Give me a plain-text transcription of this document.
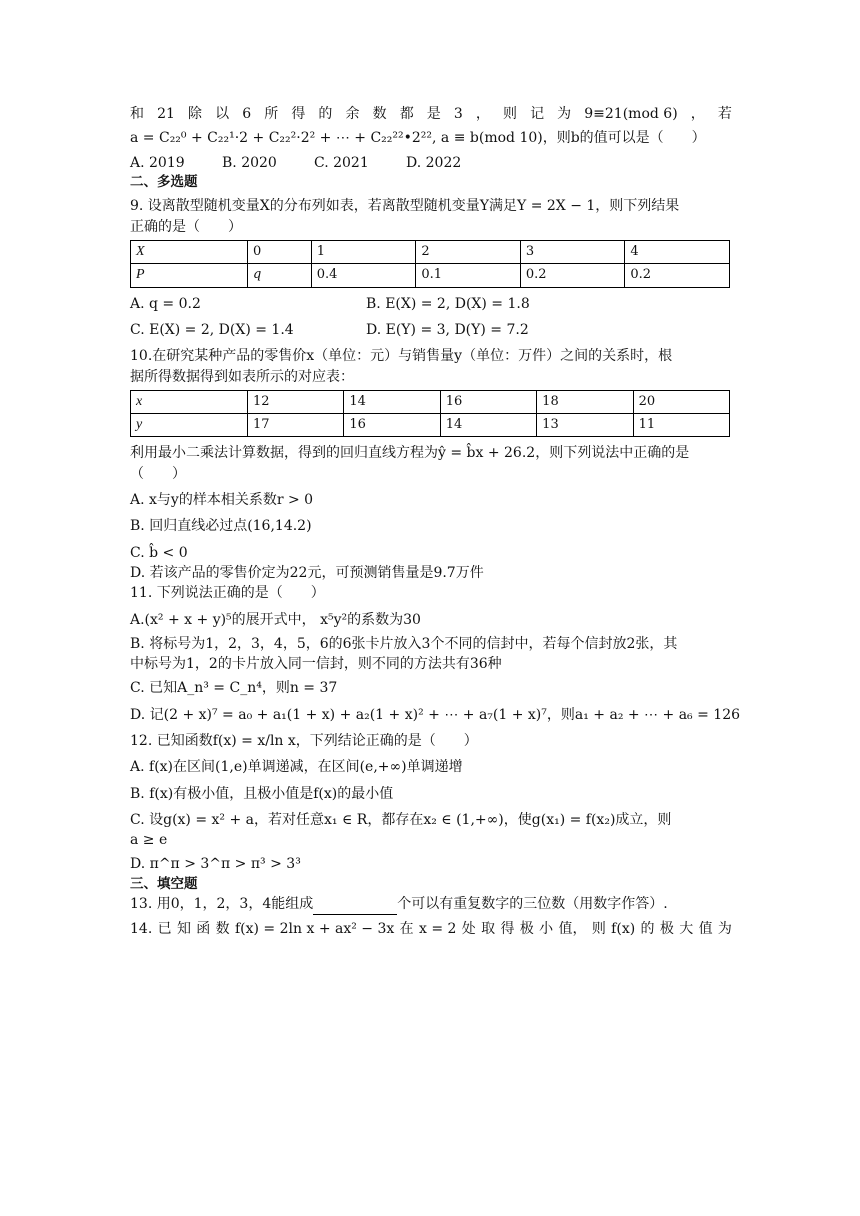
和 21 除 以 6 所 得 的 余 数 都 是 3 ， 则 记 为 9≡21(mod 6) ， 若

a = C₂₂⁰ + C₂₂¹·2 + C₂₂²·2² + ⋯ + C₂₂²²•2²², a ≡ b(mod 10)，则b的值可以是（　　）

A. 2019	B. 2020	C. 2021	D. 2022

二、多选题

9. 设离散型随机变量X的分布列如表，若离散型随机变量Y满足Y = 2X − 1，则下列结果

正确的是（　　）

X	0	1	2	3	4
P	q	0.4	0.1	0.2	0.2
A. q = 0.2	B. E(X) = 2, D(X) = 1.8
C. E(X) = 2, D(X) = 1.4	D. E(Y) = 3, D(Y) = 7.2

10.在研究某种产品的零售价x（单位：元）与销售量y（单位：万件）之间的关系时，根

据所得数据得到如表所示的对应表：

x	12	14	16	18	20
y	17	16	14	13	11

利用最小二乘法计算数据，得到的回归直线方程为ŷ = b̂x + 26.2，则下列说法中正确的是

（　　）

A. x与y的样本相关系数r > 0

B. 回归直线必过点(16,14.2)

C. b̂ < 0

D. 若该产品的零售价定为22元，可预测销售量是9.7万件

11. 下列说法正确的是（　　）

A.(x² + x + y)⁵的展开式中， x⁵y²的系数为30

B. 将标号为1，2，3，4，5，6的6张卡片放入3个不同的信封中，若每个信封放2张，其

中标号为1，2的卡片放入同一信封，则不同的方法共有36种

C. 已知A_n³ = C_n⁴，则n = 37

D. 记(2 + x)⁷ = a₀ + a₁(1 + x) + a₂(1 + x)² + ⋯ + a₇(1 + x)⁷，则a₁ + a₂ + ⋯ + a₆ = 126

12. 已知函数f(x) = x/ln x，下列结论正确的是（　　）

A. f(x)在区间(1,e)单调递减，在区间(e,+∞)单调递增

B. f(x)有极小值，且极小值是f(x)的最小值

C. 设g(x) = x² + a，若对任意x₁ ∈ R，都存在x₂ ∈ (1,+∞)，使g(x₁) = f(x₂)成立，则

a ≥ e

D. π^π > 3^π > π³ > 3³

三、填空题

13. 用0，1，2，3，4能组成	个可以有重复数字的三位数（用数字作答）.

14. 已 知 函 数 f(x) = 2ln x + ax² − 3x 在 x = 2 处 取 得 极 小 值， 则 f(x) 的 极 大 值 为
